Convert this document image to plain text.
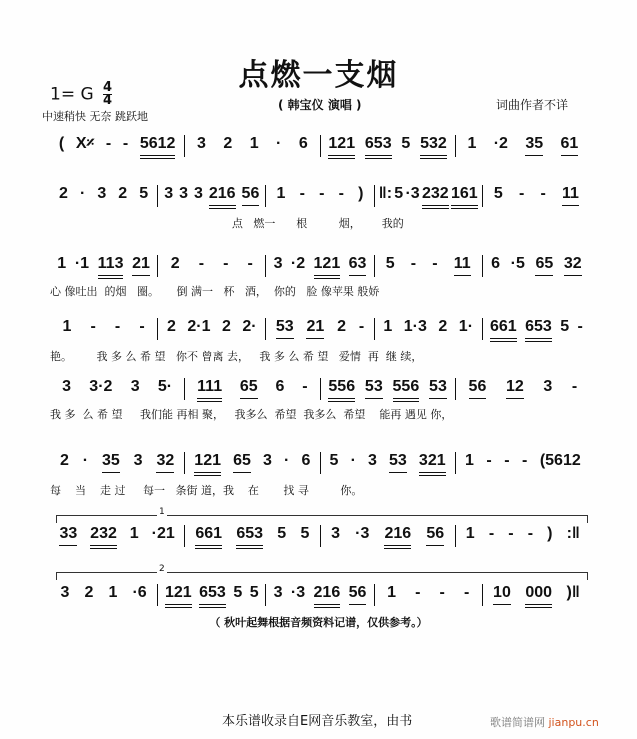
点燃一支烟
1= G $\frac{4}{4}$
中速稍快 无奈 跳跃地
( 韩宝仪 演唱 )	词曲作者不详
( X𝄎 - - 5612 3 2 1 · 6 121 653 5 532 1 ·2 35 61
2 · 3 2 5 3 3 3 216 56 1 - - - ) ‖: 5 ·3 232 161 5 - - 11
点   燃一      根         烟，      我的
1 ·1 113 21 2 - - - 3 ·2 121 63 5 - - 11 6 ·5 65 32
心 像吐出  的烟   圈。     倒 满一   杯   酒，  你的   脸 像苹果 般娇
1 - - - 2 2·1 2 2· 53 21 2 - 1 1·3 2 1· 661 653 5 -
艳。       我 多 么 希 望   你不 曾离 去，   我 多 么 希 望   爱情  再  继 续，
3 3·2 3 5· 111 65 6 - 556 53 556 53 56 12 3 -
我 多  么 希 望     我们能 再相 聚，   我多么  希望  我多么  希望    能再 遇见 你，
2 · 35 3 32 121 65 3 · 6 5 · 3 53 321 1 - - - (5612
每    当    走 过     每一   条街 道，我    在       找 寻         你。
33 232 1 ·21 661 653 5 5 3 ·3 216 56 1 - - - ) :‖
3 2 1 ·6 121 653 5 5 3 ·3 216 56 1 - - - 10 000 )‖
1
2
（ 秋叶起舞根据音频资料记谱，仅供参考。）
本乐谱收录自E网音乐教室，由书	歌谱简谱网 jianpu.cn
